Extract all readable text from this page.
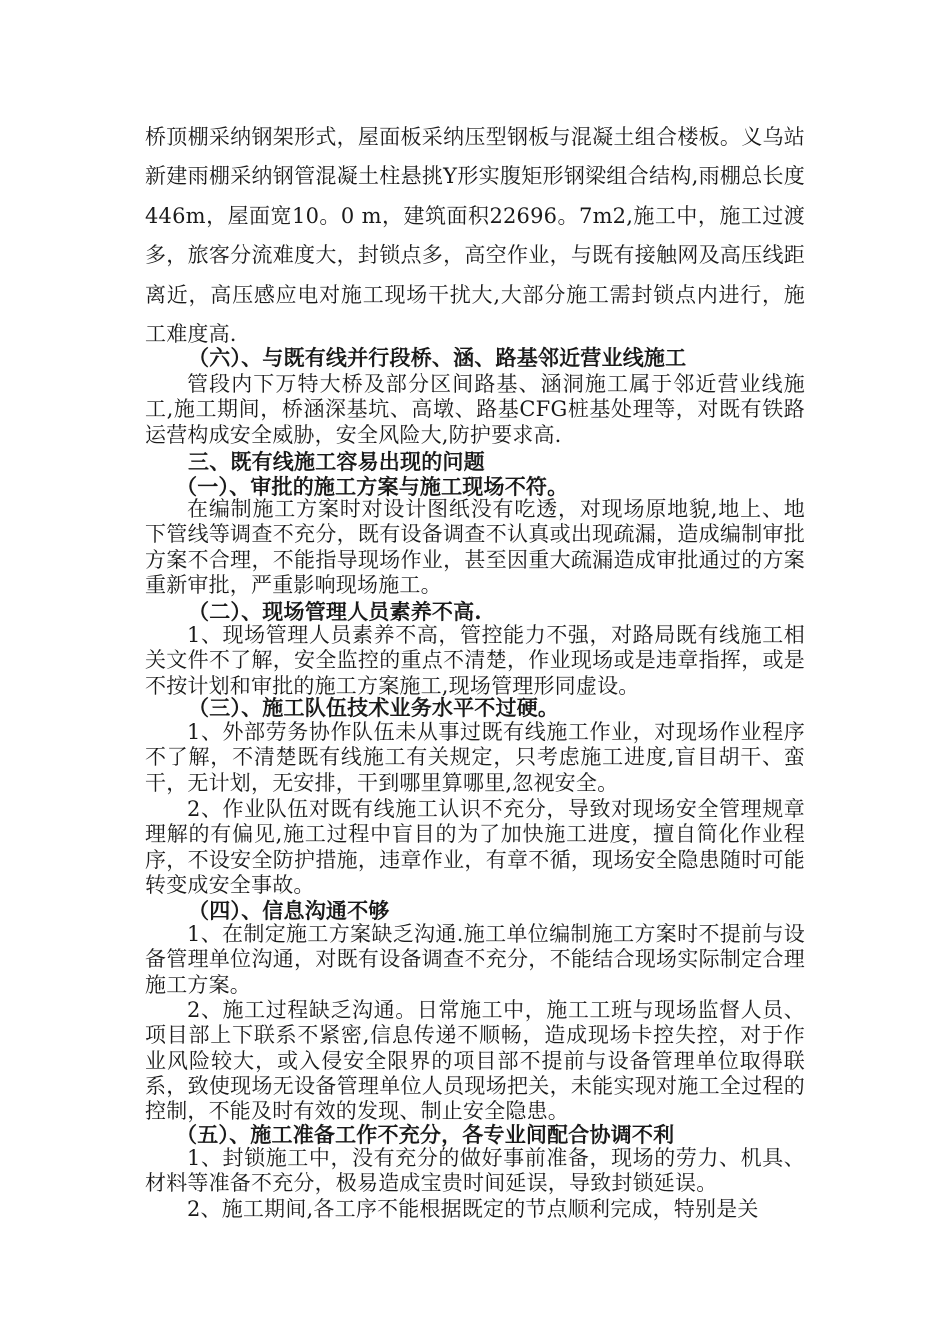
桥顶棚采纳钢架形式，屋面板采纳压型钢板与混凝土组合楼板。义乌站新建雨棚采纳钢管混凝土柱悬挑Y形实腹矩形钢梁组合结构,雨棚总长度446m，屋面宽10。0 m，建筑面积22696。7m2,施工中，施工过渡多，旅客分流难度大，封锁点多，高空作业，与既有接触网及高压线距离近，高压感应电对施工现场干扰大,大部分施工需封锁点内进行，施工难度高.

（六）、与既有线并行段桥、涵、路基邻近营业线施工

管段内下万特大桥及部分区间路基、涵洞施工属于邻近营业线施工,施工期间，桥涵深基坑、高墩、路基CFG桩基处理等，对既有铁路运营构成安全威胁，安全风险大,防护要求高.

三、既有线施工容易出现的问题

（一）、审批的施工方案与施工现场不符。

在编制施工方案时对设计图纸没有吃透，对现场原地貌,地上、地下管线等调查不充分，既有设备调查不认真或出现疏漏，造成编制审批方案不合理，不能指导现场作业，甚至因重大疏漏造成审批通过的方案重新审批，严重影响现场施工。

（二）、现场管理人员素养不高.

1、现场管理人员素养不高，管控能力不强，对路局既有线施工相关文件不了解，安全监控的重点不清楚，作业现场或是违章指挥，或是不按计划和审批的施工方案施工,现场管理形同虚设。

（三）、施工队伍技术业务水平不过硬。

1、外部劳务协作队伍未从事过既有线施工作业，对现场作业程序不了解，不清楚既有线施工有关规定，只考虑施工进度,盲目胡干、蛮干，无计划，无安排，干到哪里算哪里,忽视安全。

2、作业队伍对既有线施工认识不充分，导致对现场安全管理规章理解的有偏见,施工过程中盲目的为了加快施工进度，擅自简化作业程序，不设安全防护措施，违章作业，有章不循，现场安全隐患随时可能转变成安全事故。

（四）、信息沟通不够

1、在制定施工方案缺乏沟通.施工单位编制施工方案时不提前与设备管理单位沟通，对既有设备调查不充分，不能结合现场实际制定合理施工方案。

2、施工过程缺乏沟通。日常施工中，施工工班与现场监督人员、项目部上下联系不紧密,信息传递不顺畅，造成现场卡控失控，对于作业风险较大，或入侵安全限界的项目部不提前与设备管理单位取得联系，致使现场无设备管理单位人员现场把关，未能实现对施工全过程的控制，不能及时有效的发现、制止安全隐患。

（五）、施工准备工作不充分，各专业间配合协调不利

1、封锁施工中，没有充分的做好事前准备，现场的劳力、机具、材料等准备不充分，极易造成宝贵时间延误，导致封锁延误。

2、施工期间,各工序不能根据既定的节点顺利完成，特别是关
